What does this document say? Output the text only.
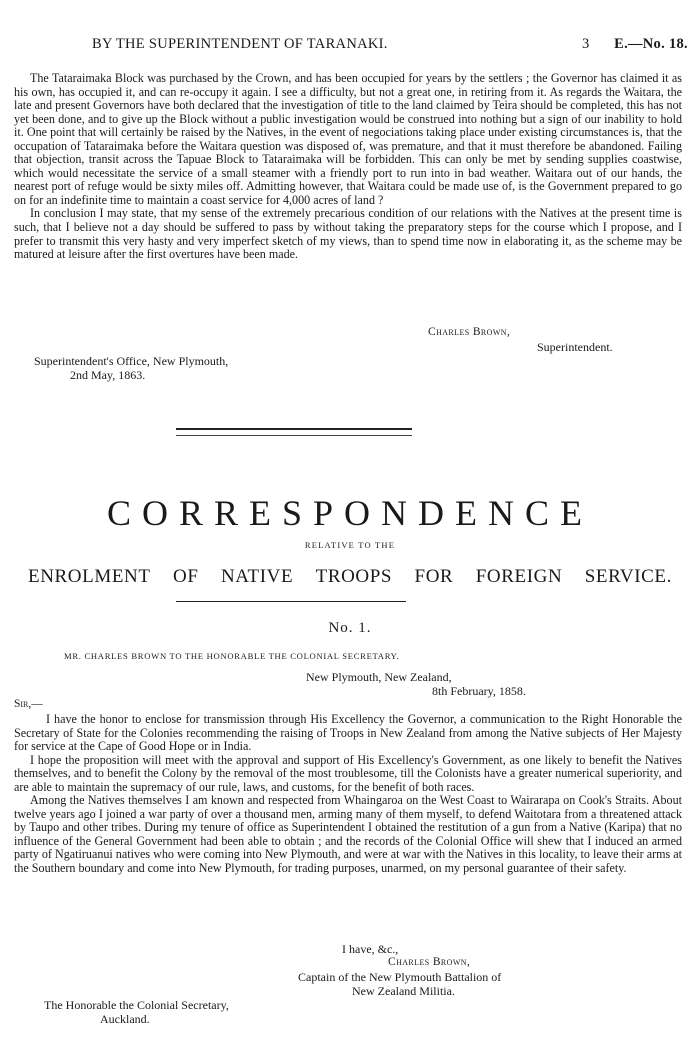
BY THE SUPERINTENDENT OF TARANAKI.	3 E.—No. 18.

The Tataraimaka Block was purchased by the Crown, and has been occupied for years by the settlers ; the Governor has claimed it as his own, has occupied it, and can re-occupy it again. I see a difficulty, but not a great one, in retiring from it. As regards the Waitara, the late and present Governors have both declared that the investigation of title to the land claimed by Teira should be completed, this has not yet been done, and to give up the Block without a public investigation would be construed into nothing but a sign of our inability to hold it. One point that will certainly be raised by the Natives, in the event of negociations taking place under existing circumstances is, that the occupation of Tataraimaka before the Waitara question was disposed of, was premature, and that it must therefore be abandoned. Failing that objection, transit across the Tapuae Block to Tataraimaka will be forbidden. This can only be met by sending supplies coastwise, which would necessitate the service of a small steamer with a friendly port to run into in bad weather. Waitara out of our hands, the nearest port of refuge would be sixty miles off. Admitting however, that Waitara could be made use of, is the Government prepared to go on for an indefinite time to maintain a coast service for 4,000 acres of land ?

In conclusion I may state, that my sense of the extremely precarious condition of our relations with the Natives at the present time is such, that I believe not a day should be suffered to pass by without taking the preparatory steps for the course which I propose, and I prefer to transmit this very hasty and very imperfect sketch of my views, than to spend time now in elaborating it, as the scheme may be matured at leisure after the first overtures have been made.

Charles Brown,
Superintendent.
Superintendent's Office, New Plymouth,
2nd May, 1863.
CORRESPONDENCE
RELATIVE TO THE
ENROLMENT OF NATIVE TROOPS FOR FOREIGN SERVICE.
No. 1.
MR. CHARLES BROWN TO THE HONORABLE THE COLONIAL SECRETARY.
New Plymouth, New Zealand,
8th February, 1858.
Sir,—

I have the honor to enclose for transmission through His Excellency the Governor, a communication to the Right Honorable the Secretary of State for the Colonies recommending the raising of Troops in New Zealand from among the Native subjects of Her Majesty for service at the Cape of Good Hope or in India.

I hope the proposition will meet with the approval and support of His Excellency's Government, as one likely to benefit the Natives themselves, and to benefit the Colony by the removal of the most troublesome, till the Colonists have a greater numerical superiority, and are able to maintain the supremacy of our rule, laws, and customs, for the benefit of both races.

Among the Natives themselves I am known and respected from Whaingaroa on the West Coast to Wairarapa on Cook's Straits. About twelve years ago I joined a war party of over a thousand men, arming many of them myself, to defend Waitotara from a threatened attack by Taupo and other tribes. During my tenure of office as Superintendent I obtained the restitution of a gun from a Native (Karipa) that no influence of the General Government had been able to obtain ; and the records of the Colonial Office will shew that I induced an armed party of Ngatiruanui natives who were coming into New Plymouth, and were at war with the Natives in this locality, to leave their arms at the Southern boundary and come into New Plymouth, for trading purposes, unarmed, on my personal guarantee of their safety.

I have, &c.,
Charles Brown,
Captain of the New Plymouth Battalion of
New Zealand Militia.
The Honorable the Colonial Secretary,
Auckland.
